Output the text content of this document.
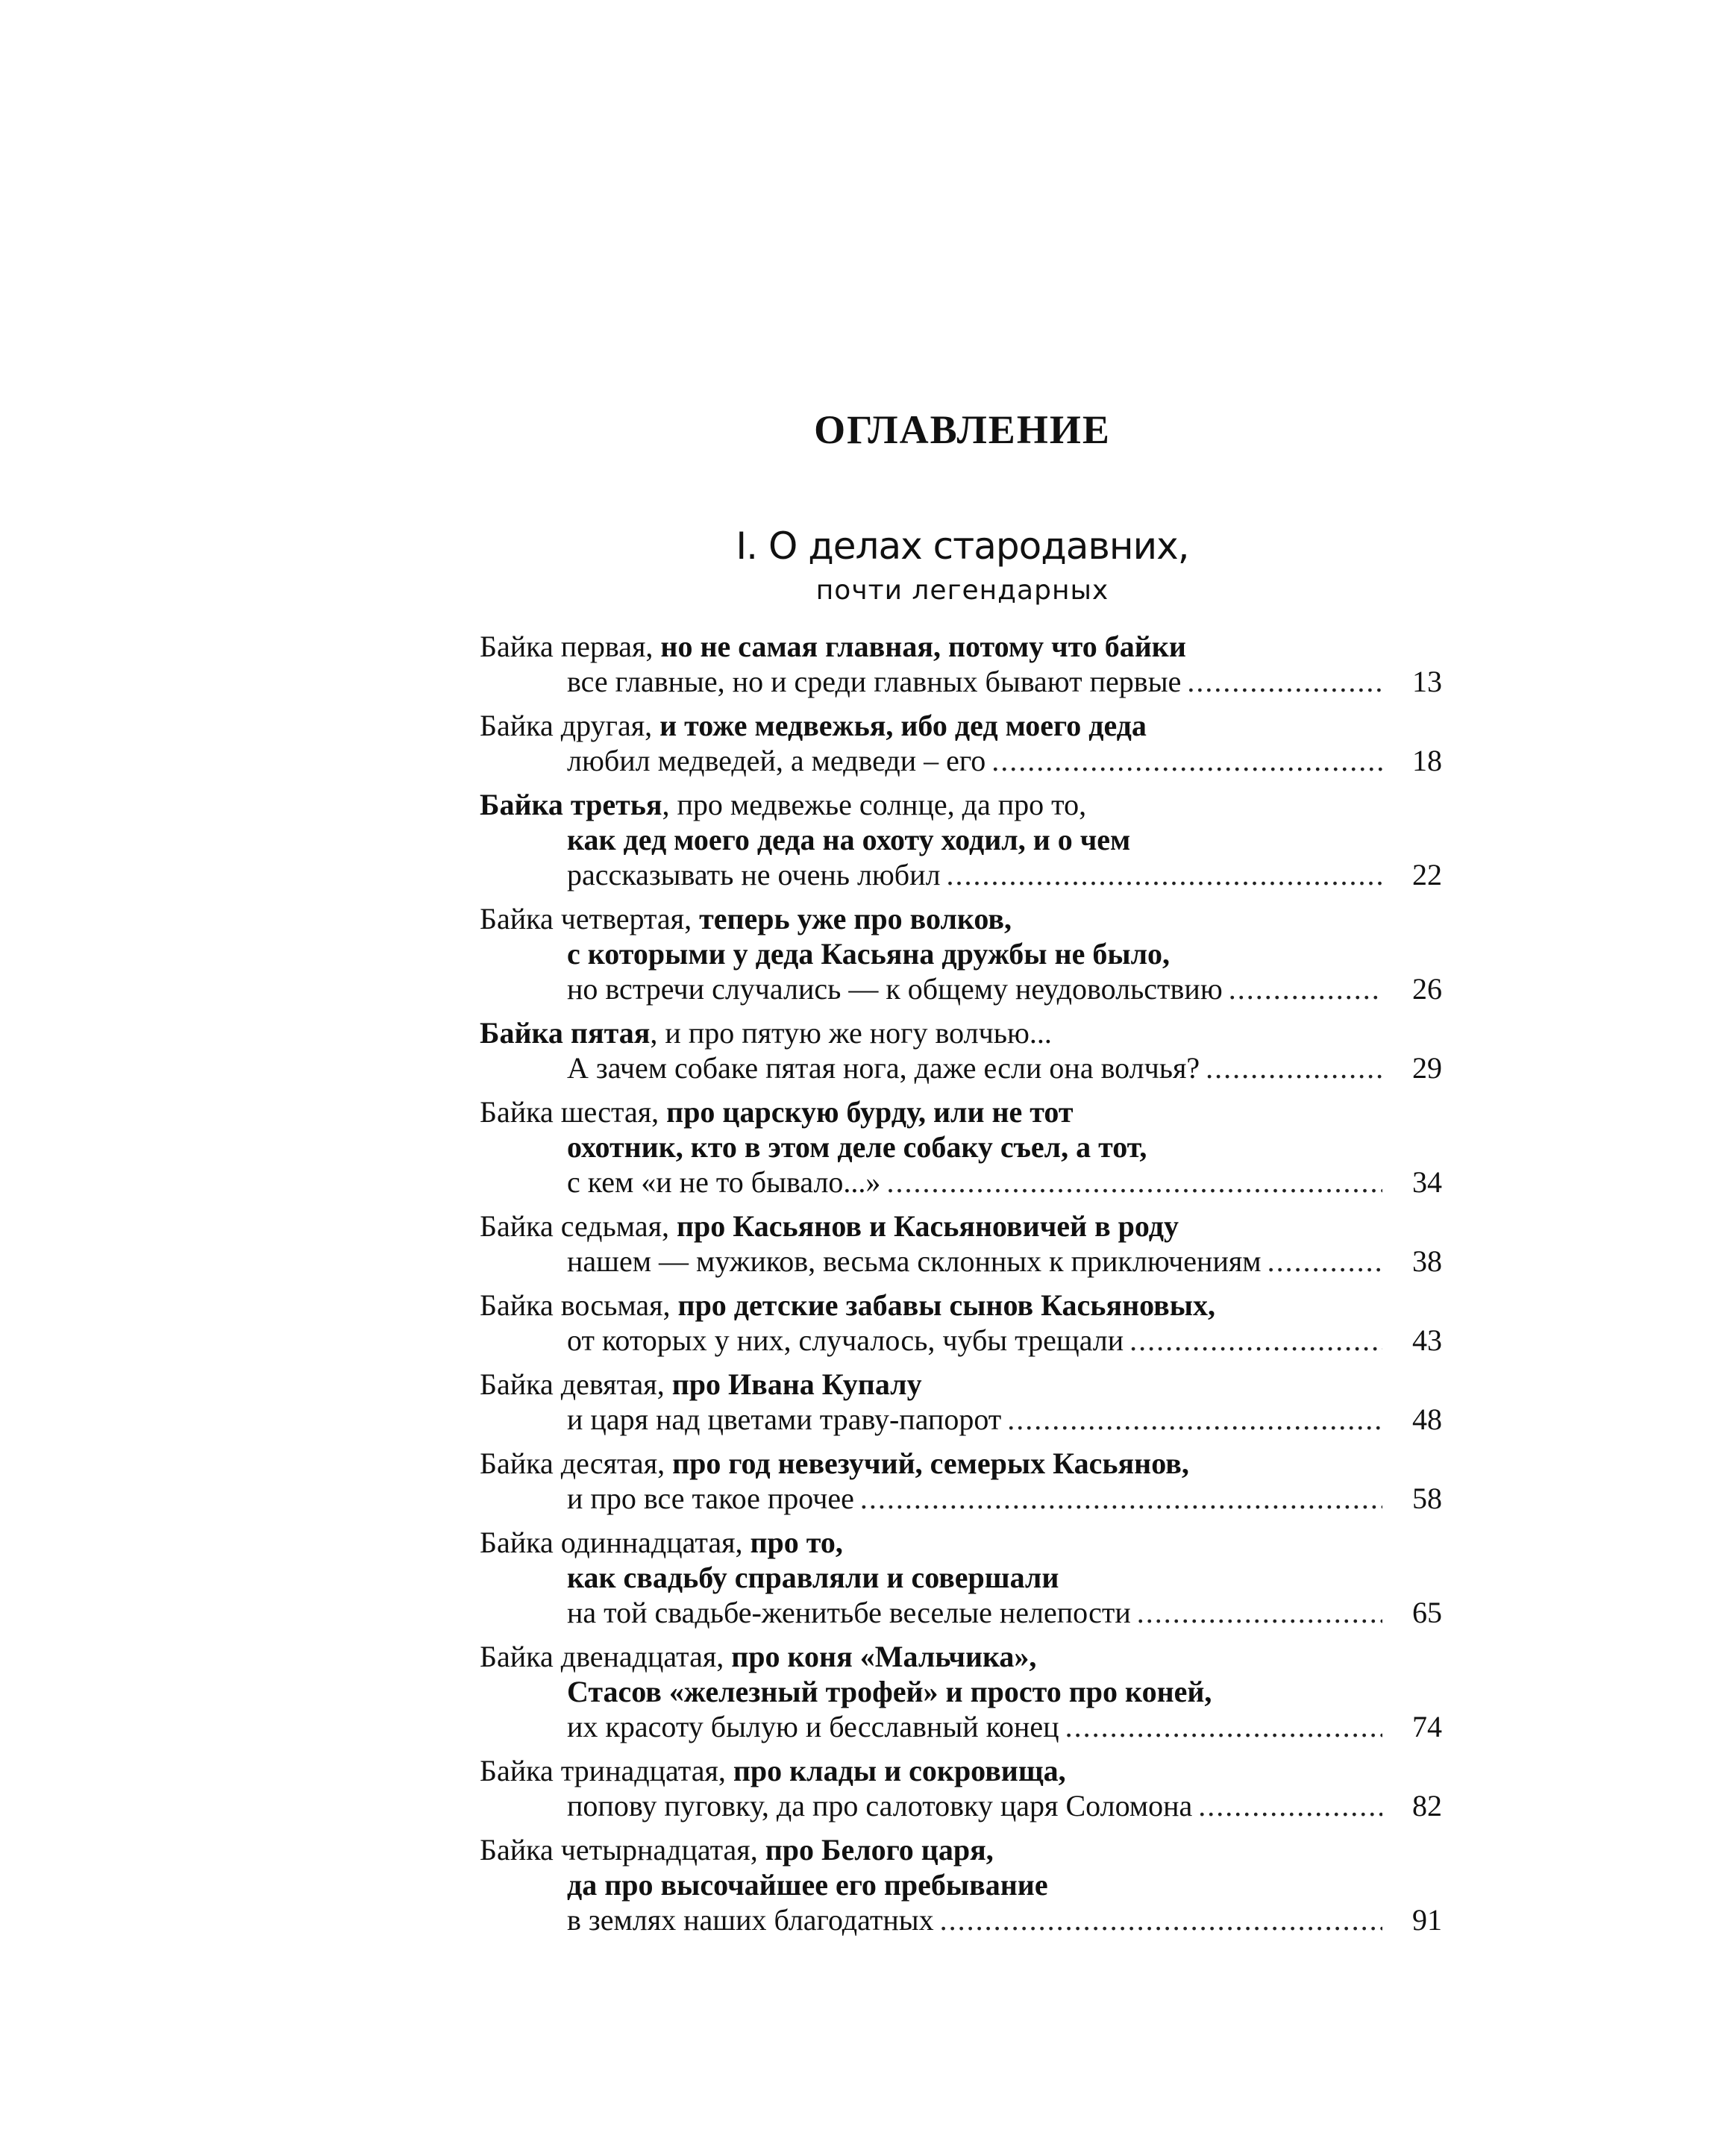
ОГЛАВЛЕНИЕ
I. О делах стародавних,
почти легендарных
Байка первая, но не самая главная, потому что байки
все главные, но и среди главных бывают первые .....	13
Байка другая, и тоже медвежья, ибо дед моего деда
любил медведей, а медведи – его .....	18
Байка третья, про медвежье солнце, да про то,
как дед моего деда на охоту ходил, и о чем
рассказывать не очень любил .....	22
Байка четвертая, теперь уже про волков,
с которыми у деда Касьяна дружбы не было,
но встречи случались — к общему неудовольствию .....	26
Байка пятая, и про пятую же ногу волчью...
А зачем собаке пятая нога, даже если она волчья? .....	29
Байка шестая, про царскую бурду, или не тот
охотник, кто в этом деле собаку съел, а тот,
с кем «и не то бывало...» .....	34
Байка седьмая, про Касьянов и Касьяновичей в роду
нашем — мужиков, весьма склонных к приключениям .....	38
Байка восьмая, про детские забавы сынов Касьяновых,
от которых у них, случалось, чубы трещали .....	43
Байка девятая, про Ивана Купалу
и царя над цветами траву-папорот .....	48
Байка десятая, про год невезучий, семерых Касьянов,
и про все такое прочее .....	58
Байка одиннадцатая, про то,
как свадьбу справляли и совершали
на той свадьбе-женитьбе веселые нелепости .....	65
Байка двенадцатая, про коня «Мальчика»,
Стасов «железный трофей» и просто про коней,
их красоту былую и бесславный конец .....	74
Байка тринадцатая, про клады и сокровища,
попову пуговку, да про салотовку царя Соломона .....	82
Байка четырнадцатая, про Белого царя,
да про высочайшее его пребывание
в землях наших благодатных .....	91
